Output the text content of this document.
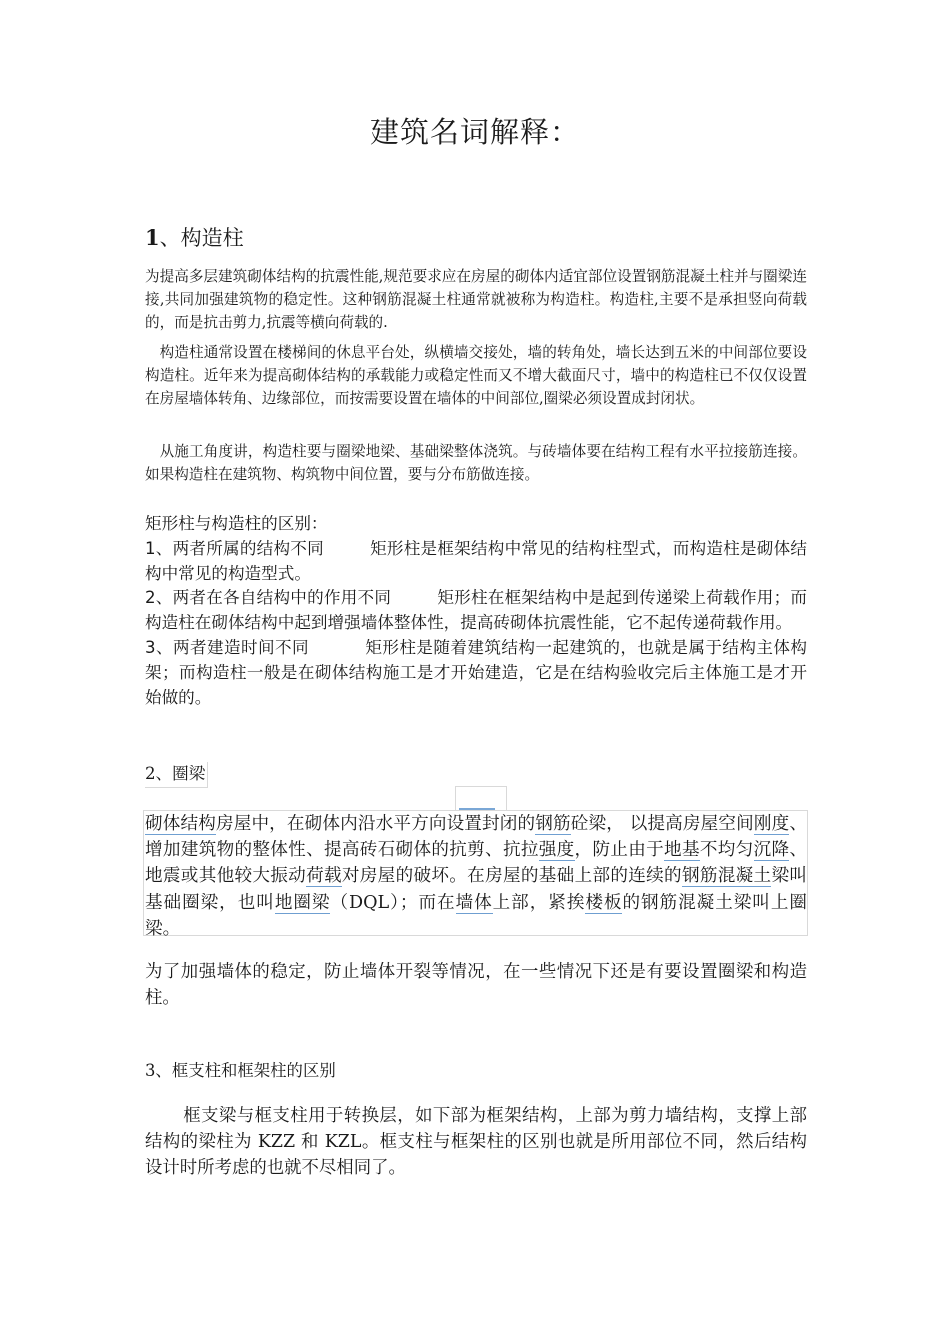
建筑名词解释：
1、构造柱

为提高多层建筑砌体结构的抗震性能,规范要求应在房屋的砌体内适宜部位设置钢筋混凝土柱并与圈梁连接,共同加强建筑物的稳定性。这种钢筋混凝土柱通常就被称为构造柱。构造柱,主要不是承担竖向荷载的，而是抗击剪力,抗震等横向荷载的.

构造柱通常设置在楼梯间的休息平台处，纵横墙交接处，墙的转角处，墙长达到五米的中间部位要设构造柱。近年来为提高砌体结构的承载能力或稳定性而又不增大截面尺寸，墙中的构造柱已不仅仅设置在房屋墙体转角、边缘部位，而按需要设置在墙体的中间部位,圈梁必须设置成封闭状。

从施工角度讲，构造柱要与圈梁地梁、基础梁整体浇筑。与砖墙体要在结构工程有水平拉接筋连接。如果构造柱在建筑物、构筑物中间位置，要与分布筋做连接。

矩形柱与构造柱的区别：

1、两者所属的结构不同	矩形柱是框架结构中常见的结构柱型式，而构造柱是砌体结构中常见的构造型式。

2、两者在各自结构中的作用不同	矩形柱在框架结构中是起到传递梁上荷载作用；而构造柱在砌体结构中起到增强墙体整体性，提高砖砌体抗震性能，它不起传递荷载作用。

3、两者建造时间不同	矩形柱是随着建筑结构一起建筑的，也就是属于结构主体构架；而构造柱一般是在砌体结构施工是才开始建造，它是在结构验收完后主体施工是才开始做的。

2、圈梁

砌体结构房屋中，在砌体内沿水平方向设置封闭的钢筋砼梁， 以提高房屋空间刚度、增加建筑物的整体性、提高砖石砌体的抗剪、抗拉强度，防止由于地基不均匀沉降、地震或其他较大振动荷载对房屋的破坏。在房屋的基础上部的连续的钢筋混凝土梁叫基础圈梁，也叫地圈梁（DQL）；而在墙体上部，紧挨楼板的钢筋混凝土梁叫上圈梁。

为了加强墙体的稳定，防止墙体开裂等情况，在一些情况下还是有要设置圈梁和构造柱。

3、框支柱和框架柱的区别

框支梁与框支柱用于转换层，如下部为框架结构，上部为剪力墙结构，支撑上部结构的梁柱为 KZZ 和 KZL。框支柱与框架柱的区别也就是所用部位不同，然后结构设计时所考虑的也就不尽相同了。
